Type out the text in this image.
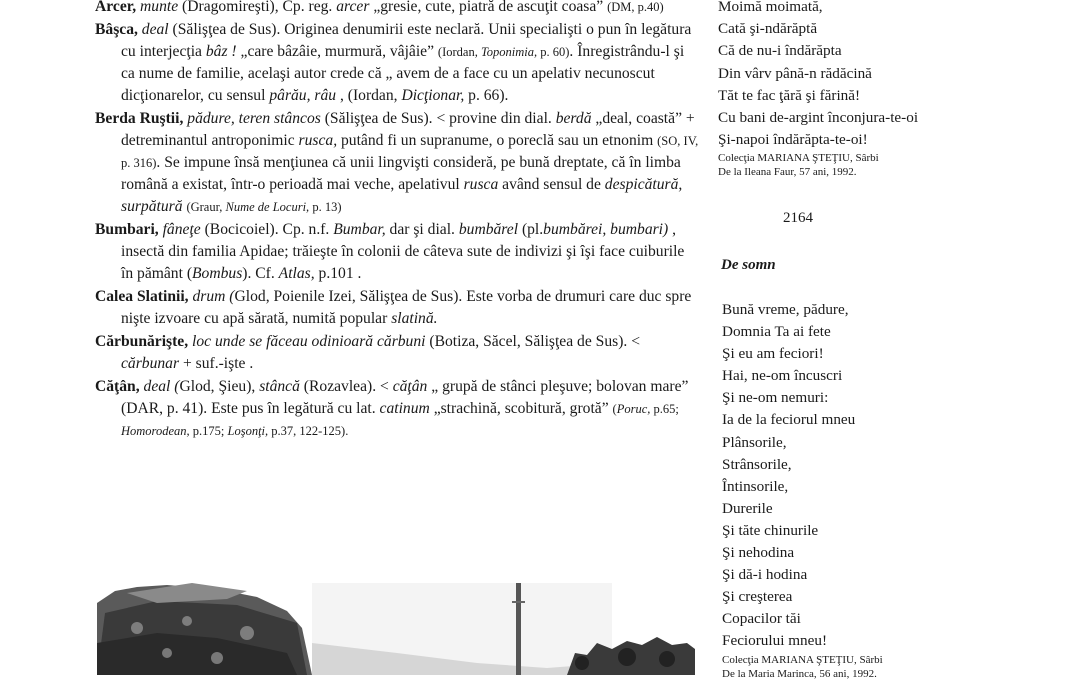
Arcer, munte (Dragomireşti), Cp. reg. arcer „gresie, cute, piatră de ascuţit coasa” (DM, p.40)

Bâşca, deal (Sălişţea de Sus). Originea denumirii este neclară. Unii specialişti o pun în legătura cu interjecţia bâz ! „care bâzâie, murmură, vâjâie” (Iordan, Toponimia, p. 60). Înregistrându-l şi ca nume de familie, acelaşi autor crede că „ avem de a face cu un apelativ necunoscut dicţionarelor, cu sensul pârău, râu , (Iordan, Dicţionar, p. 66).

Berda Ruştii, pădure, teren stâncos (Sălişţea de Sus). < provine din dial. berdă „deal, coastă” + detreminantul antroponimic rusca, putând fi un supranume, o poreclă sau un etnonim (SO, IV, p. 316). Se impune însă menţiunea că unii lingvişti consideră, pe bună dreptate, că în limba română a existat, într-o perioadă mai veche, apelativul rusca având sensul de despicătură, surpătură (Graur, Nume de Locuri, p. 13)

Bumbari, fâneţe (Bocicoiel). Cp. n.f. Bumbar, dar şi dial. bumbărel (pl.bumbărei, bumbari) , insectă din familia Apidae; trăieşte în colonii de câteva sute de indivizi şi îşi face cuiburile în pământ (Bombus). Cf. Atlas, p.101 .

Calea Slatinii, drum (Glod, Poienile Izei, Sălişţea de Sus). Este vorba de drumuri care duc spre nişte izvoare cu apă sărată, numită popular slatină.

Cărbunărişte, loc unde se făceau odinioară cărbuni (Botiza, Săcel, Sălişţea de Sus). < cărbunar + suf.-işte .

Căţân, deal (Glod, Şieu), stâncă (Rozavlea). < căţân „ grupă de stânci pleşuve; bolovan mare” (DAR, p. 41). Este pus în legătură cu lat. catinum „strachină, scobitură, grotă” (Poruc, p.65; Homorodean, p.175; Loşonţi, p.37, 122-125).

Moimă moimată,
Cată şi-ndărăptă
Că de nu-i îndărăpta
Din vârv până-n rădăcină
Tăt te fac ţără şi fărină!
Cu bani de-argint înconjura-te-oi
Şi-napoi îndărăpta-te-oi!
Colecţia MARIANA ŞTEŢIU, Sârbi
De la Ileana Faur, 57 ani, 1992.
2164
De somn
Bună vreme, pădure,
Domnia Ta ai fete
Şi eu am feciori!
Hai, ne-om încuscri
Şi ne-om nemuri:
Ia de la feciorul mneu
Plânsorile,
Strânsorile,
Întinsorile,
Durerile
Şi tăte chinurile
Şi nehodina
Şi dă-i hodina
Şi creşterea
Copacilor tăi
Feciorului mneu!
Colecţia MARIANA ŞTEŢIU, Sârbi
De la Maria Marinca, 56 ani, 1992.
